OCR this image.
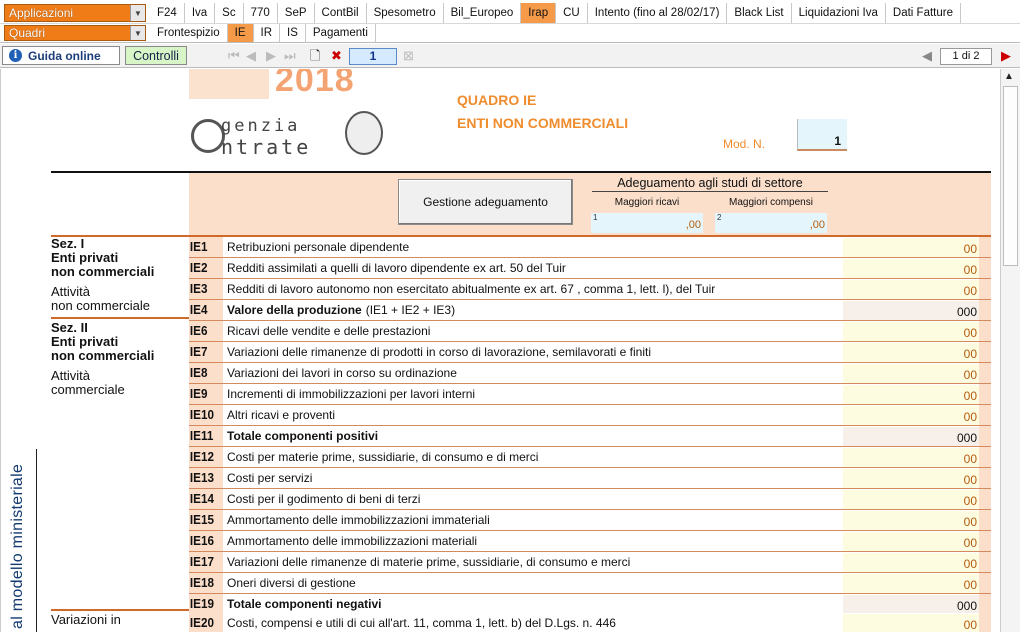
Applicazioni	▼	F24	Iva	Sc	770	SeP	ContBil	Spesometro	Bil_Europeo	Irap	CU	Intento (fino al 28/02/17)	Black List	Liquidazioni Iva	Dati Fatture
Quadri	▼	Frontespizio	IE	IR	IS	Pagamenti
i Guida online	Controlli	⏮ ◀ ▶ ⏭ 🗋 ✖	1	⊠	◀	1 di 2	▶
2018
genzia
ntrate
QUADRO IE
ENTI NON COMMERCIALI
Mod. N.	1
Gestione adeguamento
Adeguamento agli studi di settore
Maggiori ricavi	Maggiori compensi
1
,00
2
,00
Sez. I
Enti privati
non commerciali
Attività
non commerciale
Sez. II
Enti privati
non commerciali
Attività
commerciale
Variazioni in
IE1	Retribuzioni personale dipendente	00
IE2	Redditi assimilati a quelli di lavoro dipendente ex art. 50 del Tuir	00
IE3	Redditi di lavoro autonomo non esercitato abitualmente ex art. 67 , comma 1, lett. l), del Tuir	00
IE4	Valore della produzione (IE1 + IE2 + IE3)	000
IE6	Ricavi delle vendite e delle prestazioni	00
IE7	Variazioni delle rimanenze di prodotti in corso di lavorazione, semilavorati e finiti	00
IE8	Variazioni dei lavori in corso su ordinazione	00
IE9	Incrementi di immobilizzazioni per lavori interni	00
IE10	Altri ricavi e proventi	00
IE11	Totale componenti positivi	000
IE12	Costi per materie prime, sussidiarie, di consumo e di merci	00
IE13	Costi per servizi	00
IE14	Costi per il godimento di beni di terzi	00
IE15	Ammortamento delle immobilizzazioni immateriali	00
IE16	Ammortamento delle immobilizzazioni materiali	00
IE17	Variazioni delle rimanenze di materie prime, sussidiarie, di consumo e merci	00
IE18	Oneri diversi di gestione	00
IE19	Totale componenti negativi	000
IE20	Costi, compensi e utili di cui all'art. 11, comma 1, lett. b) del D.Lgs. n. 446	00
al modello ministeriale
▲
